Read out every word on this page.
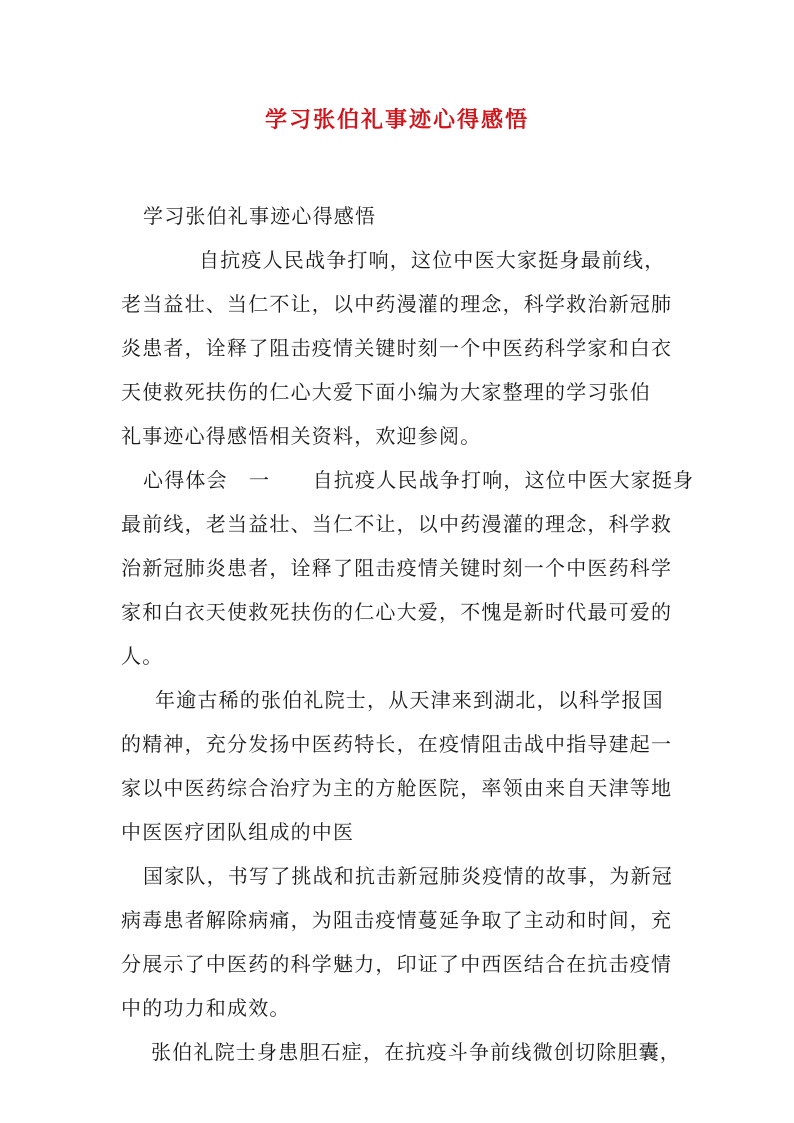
学习张伯礼事迹心得感悟

学习张伯礼事迹心得感悟

自抗疫人民战争打响，这位中医大家挺身最前线，

老当益壮、当仁不让，以中药漫灌的理念，科学救治新冠肺

炎患者，诠释了阻击疫情关键时刻一个中医药科学家和白衣

天使救死扶伤的仁心大爱下面小编为大家整理的学习张伯

礼事迹心得感悟相关资料，欢迎参阅。

心得体会　一　　自抗疫人民战争打响，这位中医大家挺身

最前线，老当益壮、当仁不让，以中药漫灌的理念，科学救

治新冠肺炎患者，诠释了阻击疫情关键时刻一个中医药科学

家和白衣天使救死扶伤的仁心大爱，不愧是新时代最可爱的

人。

年逾古稀的张伯礼院士，从天津来到湖北，以科学报国

的精神，充分发扬中医药特长，在疫情阻击战中指导建起一

家以中医药综合治疗为主的方舱医院，率领由来自天津等地

中医医疗团队组成的中医

国家队，书写了挑战和抗击新冠肺炎疫情的故事，为新冠

病毒患者解除病痛，为阻击疫情蔓延争取了主动和时间，充

分展示了中医药的科学魅力，印证了中西医结合在抗击疫情

中的功力和成效。

张伯礼院士身患胆石症，在抗疫斗争前线微创切除胆囊，
